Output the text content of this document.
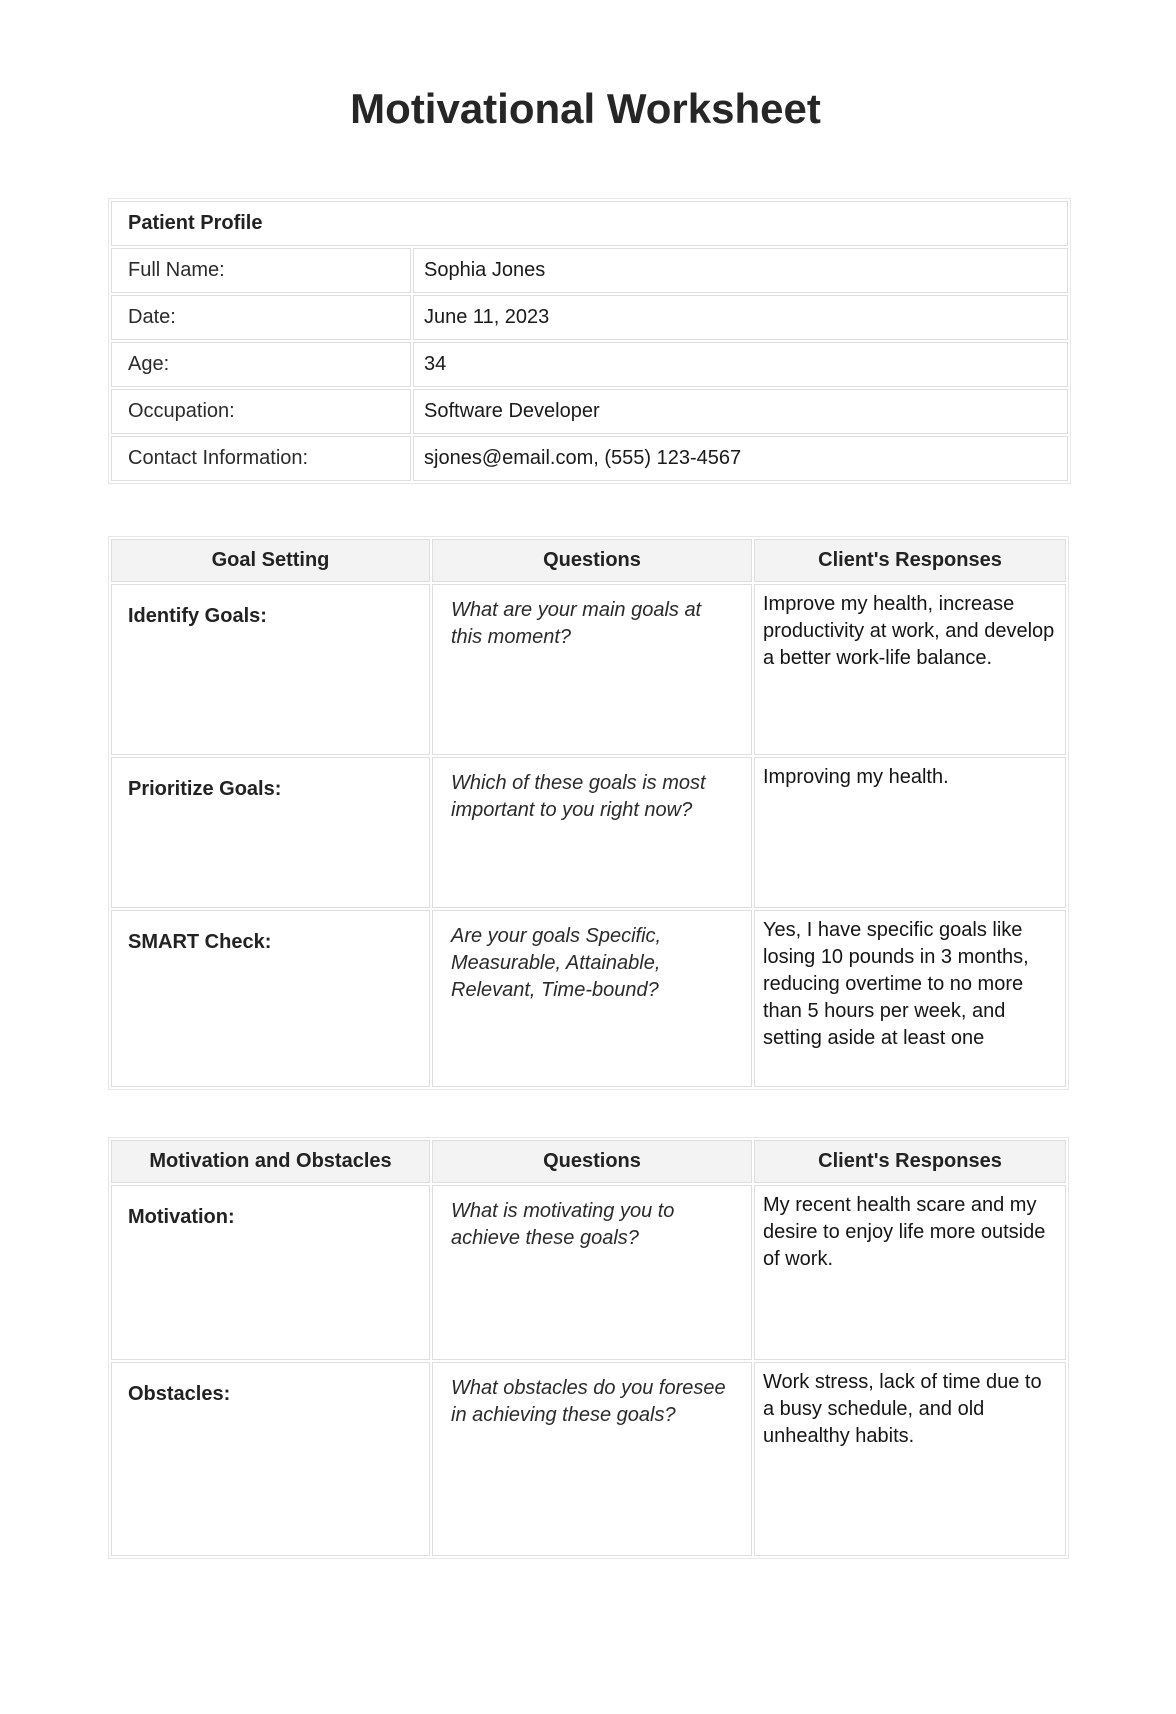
Motivational Worksheet
Patient Profile	
Full Name:	Sophia Jones
Date:	June 11, 2023
Age:	34
Occupation:	Software Developer
Contact Information:	sjones@email.com, (555) 123-4567
Goal Setting	Questions	Client's Responses

Identify Goals:	What are your main goals at this moment?	Improve my health, increase productivity at work, and develop a better work-life balance.

Prioritize Goals:	Which of these goals is most important to you right now?	Improving my health.

SMART Check:	Are your goals Specific, Measurable, Attainable, Relevant, Time-bound?	Yes, I have specific goals like losing 10 pounds in 3 months, reducing overtime to no more than 5 hours per week, and setting aside at least one
Motivation and Obstacles	Questions	Client's Responses

Motivation:	What is motivating you to achieve these goals?	My recent health scare and my desire to enjoy life more outside of work.

Obstacles:	What obstacles do you foresee in achieving these goals?	Work stress, lack of time due to a busy schedule, and old unhealthy habits.
